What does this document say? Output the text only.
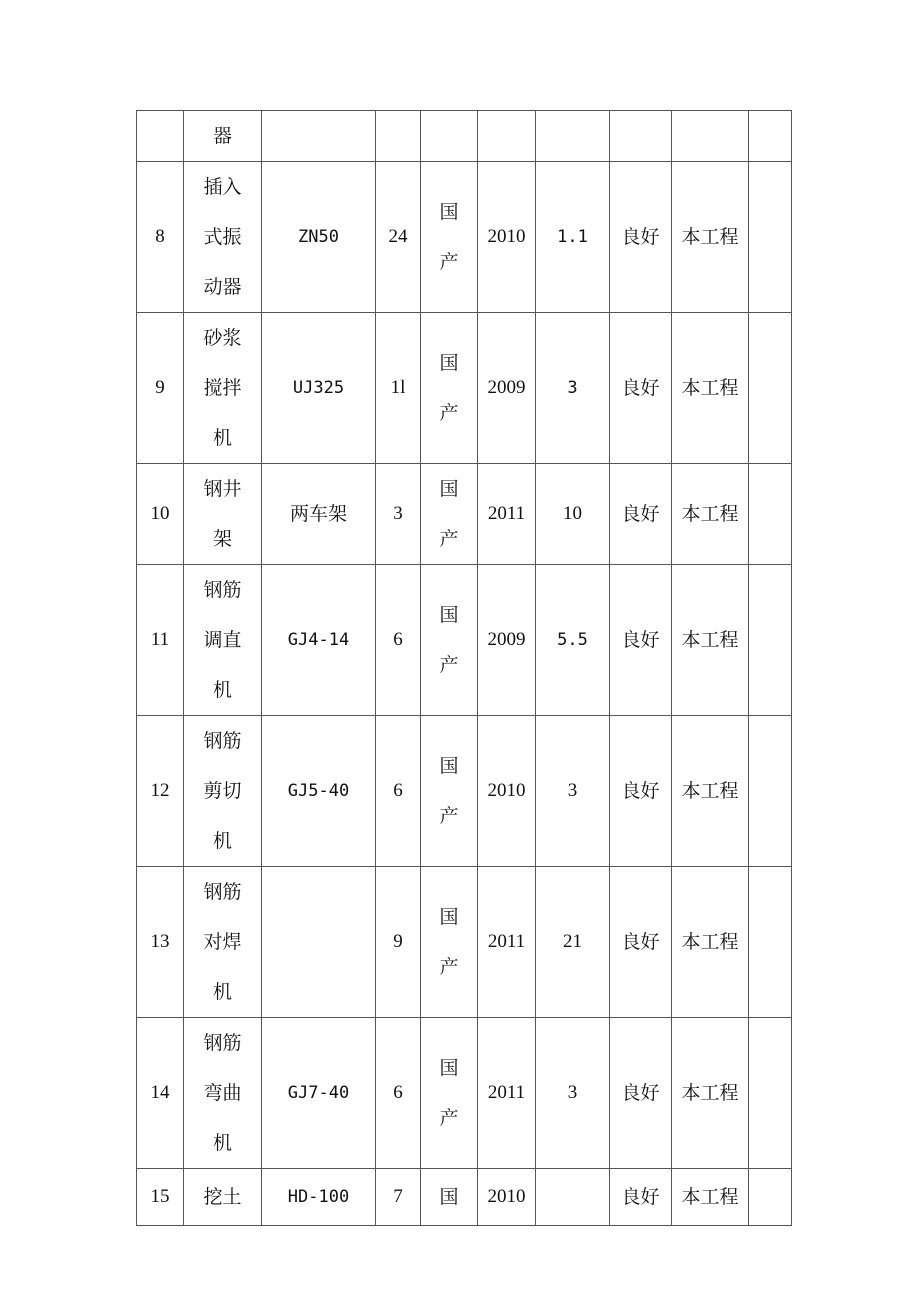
	器								

8	插入式振动器	ZN50	24	国产	2010	1.1	良好	本工程	
9	砂浆搅拌机	UJ325	1l	国产	2009	3	良好	本工程	
10	钢井架	两车架	3	国产	2011	10	良好	本工程	
11	钢筋调直机	GJ4-14	6	国产	2009	5.5	良好	本工程	
12	钢筋剪切机	GJ5-40	6	国产	2010	3	良好	本工程	
13	钢筋对焊机		9	国产	2011	21	良好	本工程	
14	钢筋弯曲机	GJ7-40	6	国产	2011	3	良好	本工程	
15	挖土	HD-100	7	国	2010		良好	本工程	
